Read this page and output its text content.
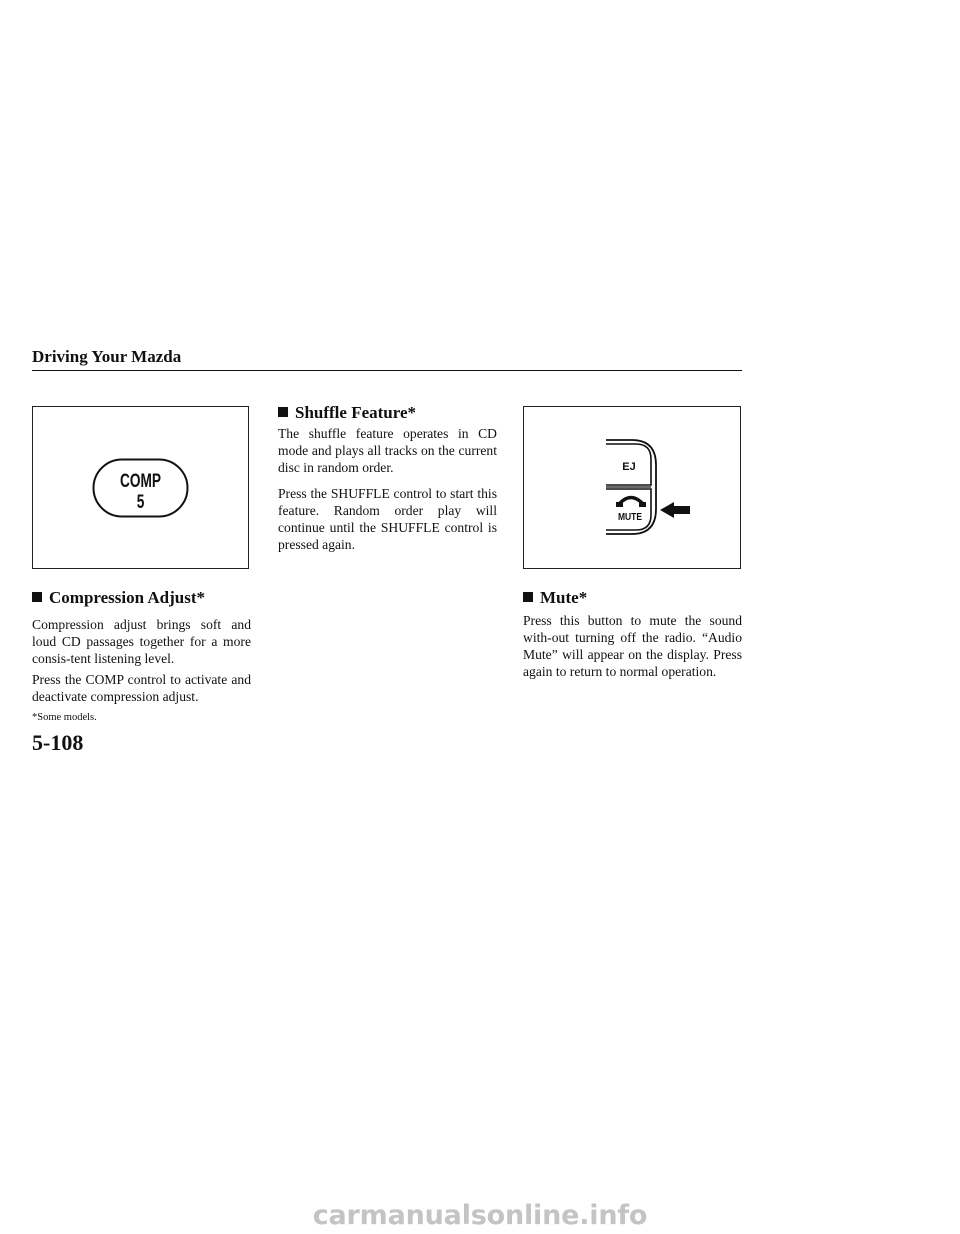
Driving Your Mazda
COMP
5
EJ
MUTE
Compression Adjust*

Compression adjust brings soft and loud CD passages together for a more consis-tent listening level.

Press the COMP control to activate and deactivate compression adjust.

*Some models.
5-108
Shuffle Feature*

The shuffle feature operates in CD mode and plays all tracks on the current disc in random order.

Press the SHUFFLE control to start this feature. Random order play will continue until the SHUFFLE control is pressed again.

Mute*

Press this button to mute the sound with-out turning off the radio. “Audio Mute” will appear on the display. Press again to return to normal operation.

carmanualsonline.info
